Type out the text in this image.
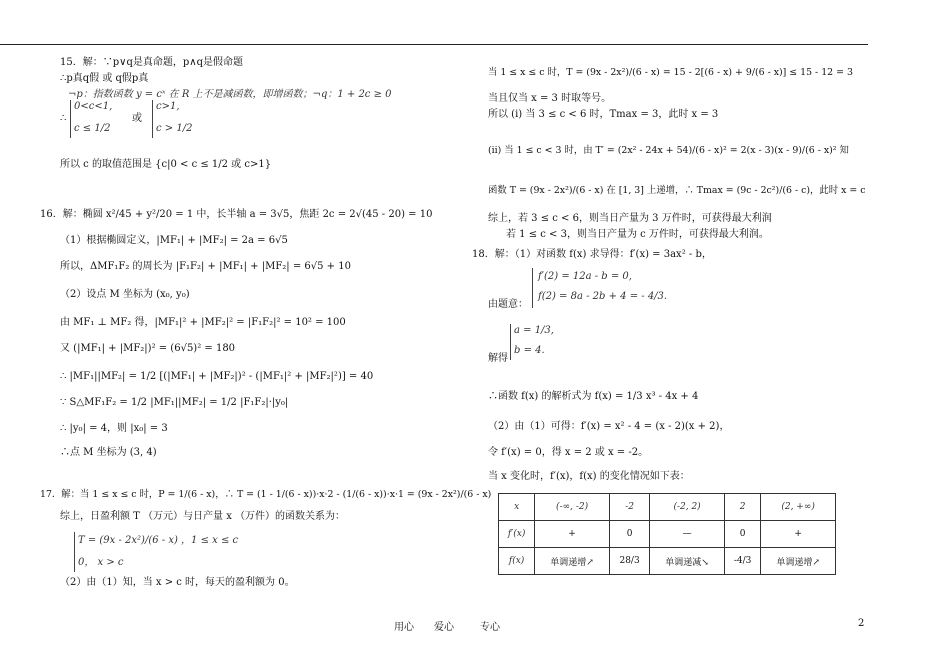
15．解：∵p∨q是真命题，p∧q是假命题
∴p真q假 或 q假p真
¬p：指数函数 y = cˣ 在 R 上不是减函数，即增函数；¬q：1 + 2c ≥ 0
∴
0<c<1,
c ≤ 1/2
或
c>1,
c > 1/2
所以 c 的取值范围是 {c|0 < c ≤ 1/2 或 c>1}
16．解：椭圆 x²/45 + y²/20 = 1 中，长半轴 a = 3√5，焦距 2c = 2√(45 - 20) = 10
（1）根据椭圆定义，|MF₁| + |MF₂| = 2a = 6√5
所以，ΔMF₁F₂ 的周长为 |F₁F₂| + |MF₁| + |MF₂| = 6√5 + 10
（2）设点 M 坐标为 (x₀, y₀)
由 MF₁ ⊥ MF₂ 得，|MF₁|² + |MF₂|² = |F₁F₂|² = 10² = 100
又 (|MF₁| + |MF₂|)² = (6√5)² = 180
∴ |MF₁||MF₂| = 1/2 [(|MF₁| + |MF₂|)² - (|MF₁|² + |MF₂|²)] = 40
∵ S△MF₁F₂ = 1/2 |MF₁||MF₂| = 1/2 |F₁F₂|·|y₀|
∴ |y₀| = 4，则 |x₀| = 3
∴点 M 坐标为 (3, 4)
17．解：当 1 ≤ x ≤ c 时，P = 1/(6 - x)，∴ T = (1 - 1/(6 - x))·x·2 - (1/(6 - x))·x·1 = (9x - 2x²)/(6 - x)
综上，日盈利额 T （万元）与日产量 x （万件）的函数关系为：
T = (9x - 2x²)/(6 - x) ，1 ≤ x ≤ c
0， x > c
（2）由（1）知，当 x > c 时，每天的盈利额为 0。
当 1 ≤ x ≤ c 时，T = (9x - 2x²)/(6 - x) = 15 - 2[(6 - x) + 9/(6 - x)] ≤ 15 - 12 = 3
当且仅当 x = 3 时取等号。
所以 (i) 当 3 ≤ c < 6 时，Tmax = 3，此时 x = 3
(ii) 当 1 ≤ c < 3 时，由 T′ = (2x² - 24x + 54)/(6 - x)² = 2(x - 3)(x - 9)/(6 - x)² 知
函数 T = (9x - 2x²)/(6 - x) 在 [1, 3] 上递增，∴ Tmax = (9c - 2c²)/(6 - c)，此时 x = c
综上，若 3 ≤ c < 6，则当日产量为 3 万件时，可获得最大利润
若 1 ≤ c < 3，则当日产量为 c 万件时，可获得最大利润。
18．解：（1）对函数 f(x) 求导得：f′(x) = 3ax² - b，
f′(2) = 12a - b = 0,
f(2) = 8a - 2b + 4 = - 4/3.
由题意：
a = 1/3,
b = 4.
解得
∴函数 f(x) 的解析式为 f(x) = 1/3 x³ - 4x + 4
（2）由（1）可得：f′(x) = x² - 4 = (x - 2)(x + 2)，
令 f′(x) = 0，得 x = 2 或 x = -2。
当 x 变化时，f′(x)，f(x) 的变化情况如下表：
x	(-∞, -2)	-2	(-2, 2)	2	(2, +∞)
f′(x)	+	0	—	0	+
f(x)	单调递增↗	28/3	单调递减↘	-4/3	单调递增↗
用心 爱心	专心	2
